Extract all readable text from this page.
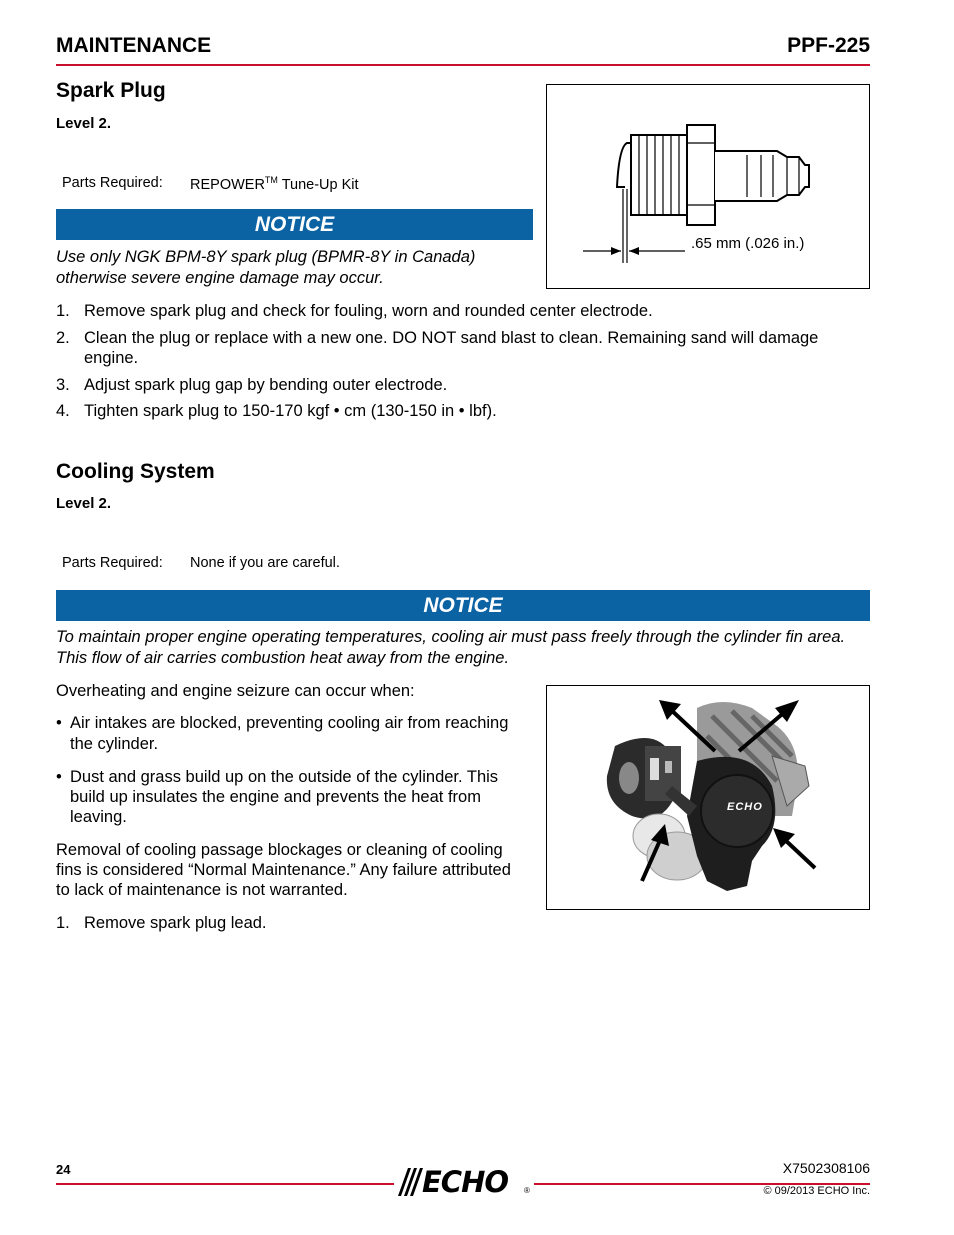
MAINTENANCE	PPF-225
Spark Plug
Level 2.
Parts Required: REPOWER™ Tune-Up Kit
NOTICE
Use only NGK BPM-8Y spark plug (BPMR-8Y in Canada)
otherwise severe engine damage may occur.
.65 mm (.026 in.)
1. Remove spark plug and check for fouling, worn and rounded center electrode.
2. Clean the plug or replace with a new one. DO NOT sand blast to clean. Remaining sand will damage
engine.
3. Adjust spark plug gap by bending outer electrode.
4. Tighten spark plug to 150-170 kgf • cm (130-150 in • lbf).
Cooling System
Level 2.
Parts Required: None if you are careful.
NOTICE
To maintain proper engine operating temperatures, cooling air must pass freely through the cylinder fin area.
This flow of air carries combustion heat away from the engine.
Overheating and engine seizure can occur when:
• Air intakes are blocked, preventing cooling air from reaching
the cylinder.
• Dust and grass build up on the outside of the cylinder. This
build up insulates the engine and prevents the heat from
leaving.
Removal of cooling passage blockages or cleaning of cooling
fins is considered “Normal Maintenance.” Any failure attributed
to lack of maintenance is not warranted.
1. Remove spark plug lead.
ECHO
24	ECHO ®
X7502308106
© 09/2013 ECHO Inc.
